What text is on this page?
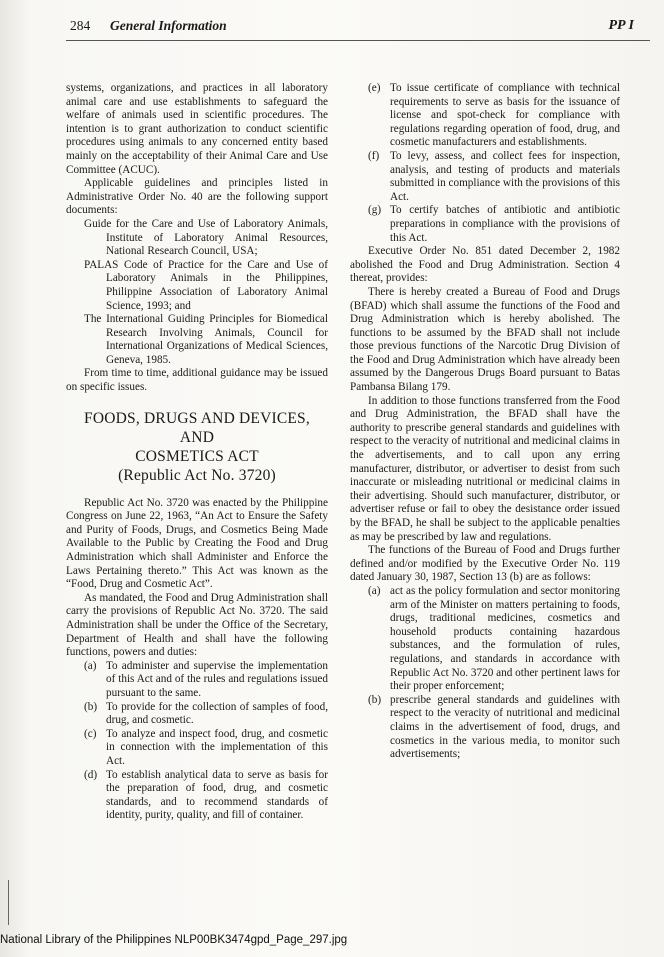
284 General Information	PP I

systems, organizations, and practices in all laboratory animal care and use establishments to safeguard the welfare of animals used in scientific procedures. The intention is to grant authorization to conduct scientific procedures using animals to any concerned entity based mainly on the acceptability of their Animal Care and Use Committee (ACUC).

Applicable guidelines and principles listed in Administrative Order No. 40 are the following support documents:

Guide for the Care and Use of Laboratory Animals, Institute of Laboratory Animal Resources, National Research Council, USA;

PALAS Code of Practice for the Care and Use of Laboratory Animals in the Philippines, Philippine Association of Laboratory Animal Science, 1993; and

The International Guiding Principles for Biomedical Research Involving Animals, Council for International Organizations of Medical Sciences, Geneva, 1985.

From time to time, additional guidance may be issued on specific issues.

FOODS, DRUGS AND DEVICES, AND
COSMETICS ACT
(Republic Act No. 3720)

Republic Act No. 3720 was enacted by the Philippine Congress on June 22, 1963, “An Act to Ensure the Safety and Purity of Foods, Drugs, and Cosmetics Being Made Available to the Public by Creating the Food and Drug Administration which shall Administer and Enforce the Laws Pertaining thereto.” This Act was known as the “Food, Drug and Cosmetic Act”.

As mandated, the Food and Drug Administration shall carry the provisions of Republic Act No. 3720. The said Administration shall be under the Office of the Secretary, Department of Health and shall have the following functions, powers and duties:

(a) To administer and supervise the implementation of this Act and of the rules and regulations issued pursuant to the same.
(b) To provide for the collection of samples of food, drug, and cosmetic.
(c) To analyze and inspect food, drug, and cosmetic in connection with the implementation of this Act.
(d) To establish analytical data to serve as basis for the preparation of food, drug, and cosmetic standards, and to recommend standards of identity, purity, quality, and fill of container.
(e) To issue certificate of compliance with technical requirements to serve as basis for the issuance of license and spot-check for compliance with regulations regarding operation of food, drug, and cosmetic manufacturers and establishments.
(f) To levy, assess, and collect fees for inspection, analysis, and testing of products and materials submitted in compliance with the provisions of this Act.
(g) To certify batches of antibiotic and antibiotic preparations in compliance with the provisions of this Act.

Executive Order No. 851 dated December 2, 1982 abolished the Food and Drug Administration. Section 4 thereat, provides:

There is hereby created a Bureau of Food and Drugs (BFAD) which shall assume the functions of the Food and Drug Administration which is hereby abolished. The functions to be assumed by the BFAD shall not include those previous functions of the Narcotic Drug Division of the Food and Drug Administration which have already been assumed by the Dangerous Drugs Board pursuant to Batas Pambansa Bilang 179.

In addition to those functions transferred from the Food and Drug Administration, the BFAD shall have the authority to prescribe general standards and guidelines with respect to the veracity of nutritional and medicinal claims in the advertisements, and to call upon any erring manufacturer, distributor, or advertiser to desist from such inaccurate or misleading nutritional or medicinal claims in their advertising. Should such manufacturer, distributor, or advertiser refuse or fail to obey the desistance order issued by the BFAD, he shall be subject to the applicable penalties as may be prescribed by law and regulations.

The functions of the Bureau of Food and Drugs further defined and/or modified by the Executive Order No. 119 dated January 30, 1987, Section 13 (b) are as follows:

(a) act as the policy formulation and sector monitoring arm of the Minister on matters pertaining to foods, drugs, traditional medicines, cosmetics and household products containing hazardous substances, and the formulation of rules, regulations, and standards in accordance with Republic Act No. 3720 and other pertinent laws for their proper enforcement;
(b) prescribe general standards and guidelines with respect to the veracity of nutritional and medicinal claims in the advertisement of food, drugs, and cosmetics in the various media, to monitor such advertisements;
National Library of the Philippines NLP00BK3474gpd_Page_297.jpg
